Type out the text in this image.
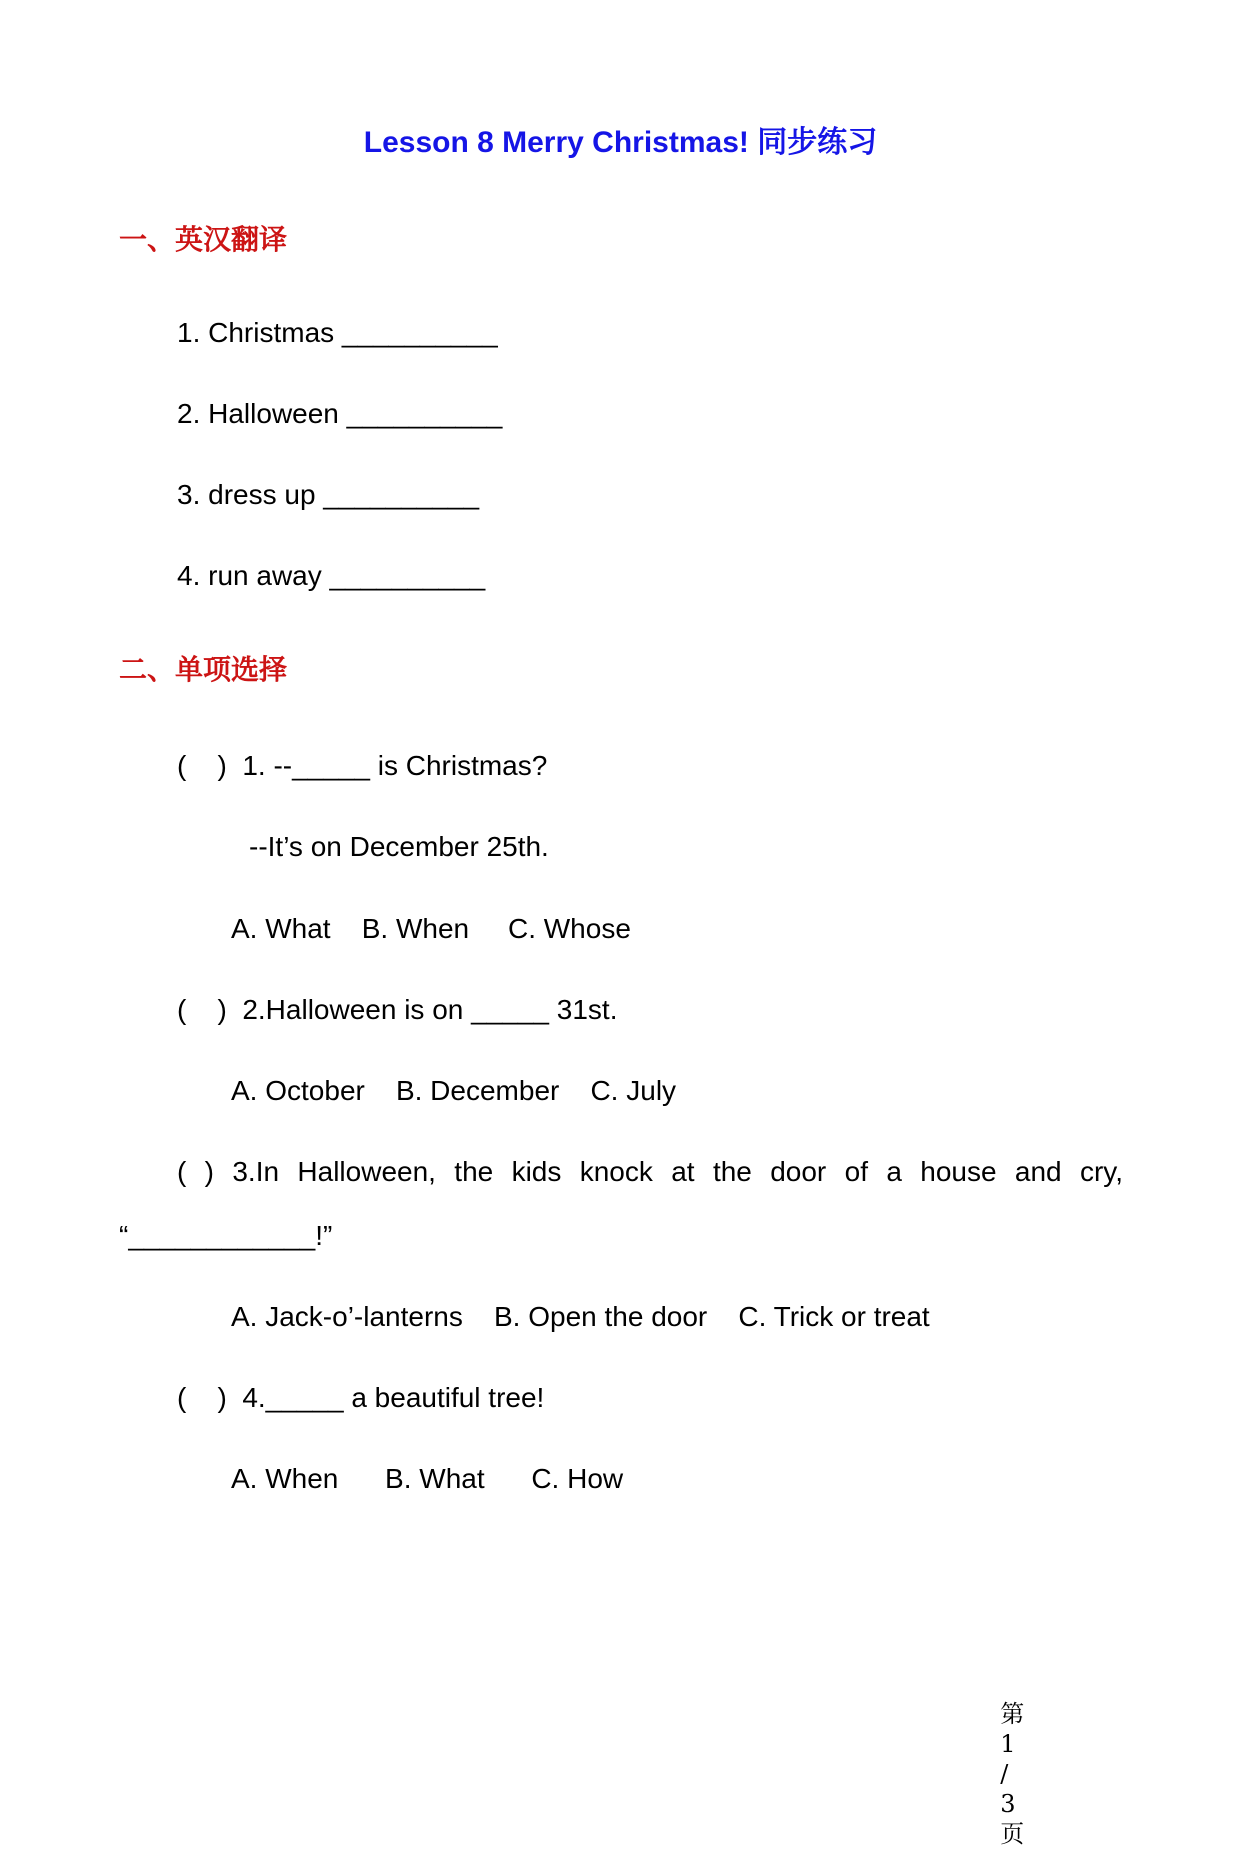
Lesson 8 Merry Christmas! 同步练习
一、英汉翻译
1. Christmas __________
2. Halloween __________
3. dress up __________
4. run away __________
二、单项选择
(    )  1. --_____ is Christmas?
--It’s on December 25th.
A. What    B. When     C. Whose
(    )  2.Halloween is on _____ 31st.
A. October    B. December    C. July
( ) 3.In Halloween, the kids knock at the door of a house and cry,
“____________!”
A. Jack-o’-lanterns    B. Open the door    C. Trick or treat
(    )  4._____ a beautiful tree!
A. When      B. What      C. How

第
1
/
3
页
